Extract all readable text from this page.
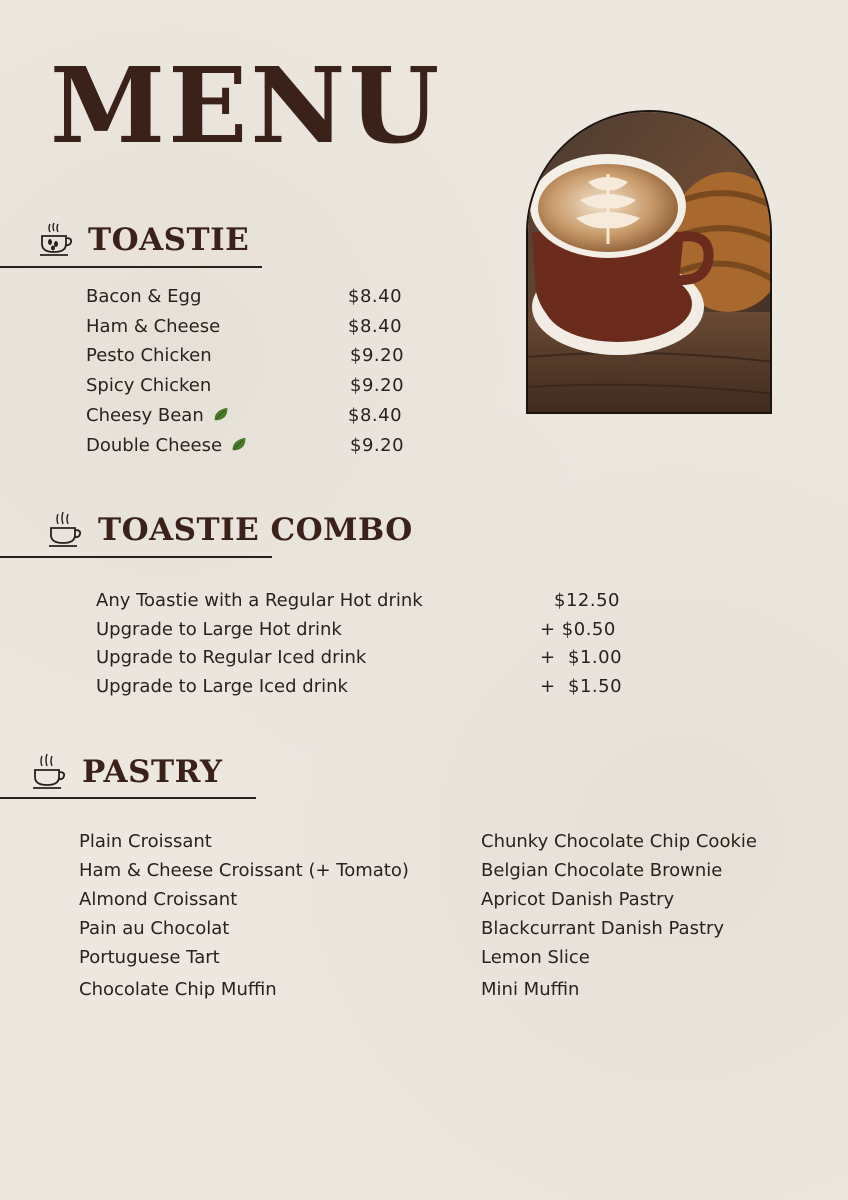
MENU
TOASTIE
Bacon & Egg	$8.40
Ham & Cheese	$8.40
Pesto Chicken	$9.20
Spicy Chicken	$9.20
Cheesy Bean	$8.40
Double Cheese	$9.20
TOASTIE COMBO
Any Toastie with a Regular Hot drink	$12.50
Upgrade to Large Hot drink	+ $0.50
Upgrade to Regular Iced drink	+  $1.00
Upgrade to Large Iced drink	+  $1.50
PASTRY
Plain Croissant
Ham & Cheese Croissant (+ Tomato)
Almond Croissant
Pain au Chocolat
Portuguese Tart
Chocolate Chip Muffin
Chunky Chocolate Chip Cookie
Belgian Chocolate Brownie
Apricot Danish Pastry
Blackcurrant Danish Pastry
Lemon Slice
Mini Muffin
